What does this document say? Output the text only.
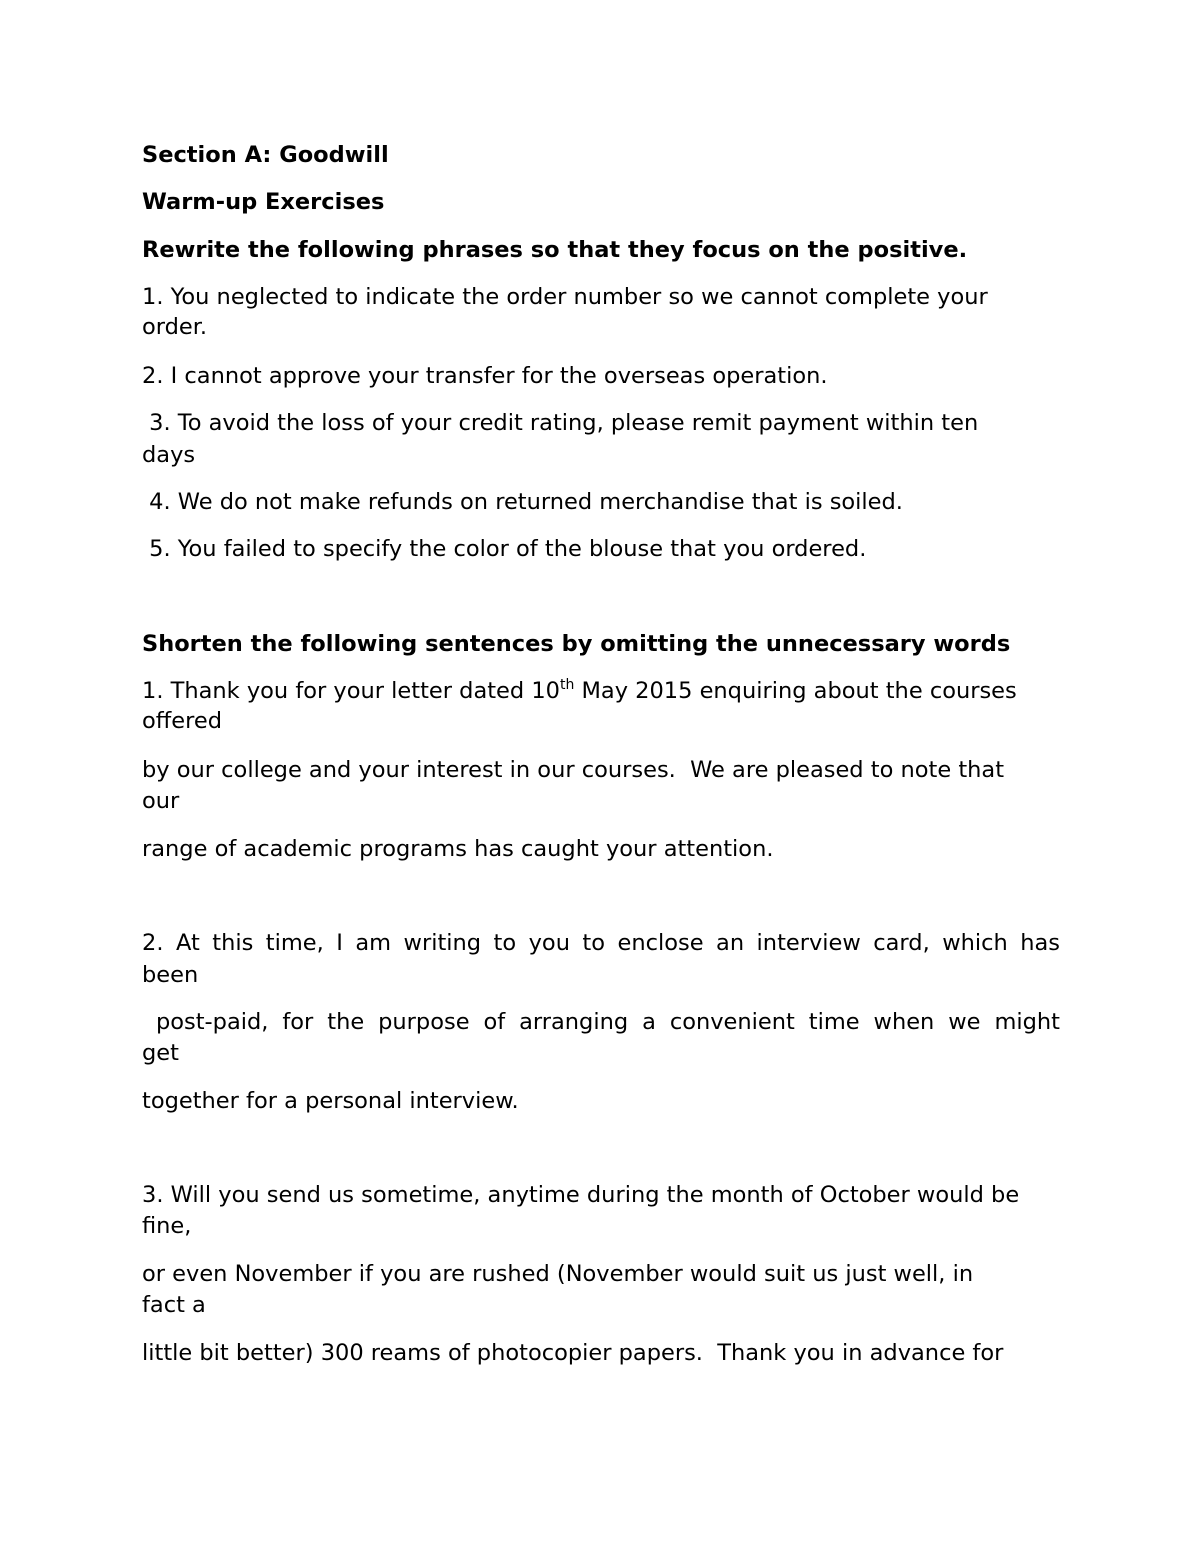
Section A: Goodwill

Warm-up Exercises

Rewrite the following phrases so that they focus on the positive.

1. You neglected to indicate the order number so we cannot complete your

order.

2. I cannot approve your transfer for the overseas operation.

3. To avoid the loss of your credit rating, please remit payment within ten

days

4. We do not make refunds on returned merchandise that is soiled.

5. You failed to specify the color of the blouse that you ordered.

Shorten the following sentences by omitting the unnecessary words

1. Thank you for your letter dated 10th May 2015 enquiring about the courses

offered

by our college and your interest in our courses.  We are pleased to note that

our

range of academic programs has caught your attention.

2. At this time, I am writing to you to enclose an interview card, which has

been

post-paid, for the purpose of arranging a convenient time when we might

get

together for a personal interview.

3. Will you send us sometime, anytime during the month of October would be

fine,

or even November if you are rushed (November would suit us just well, in

fact a

little bit better) 300 reams of photocopier papers.  Thank you in advance for
